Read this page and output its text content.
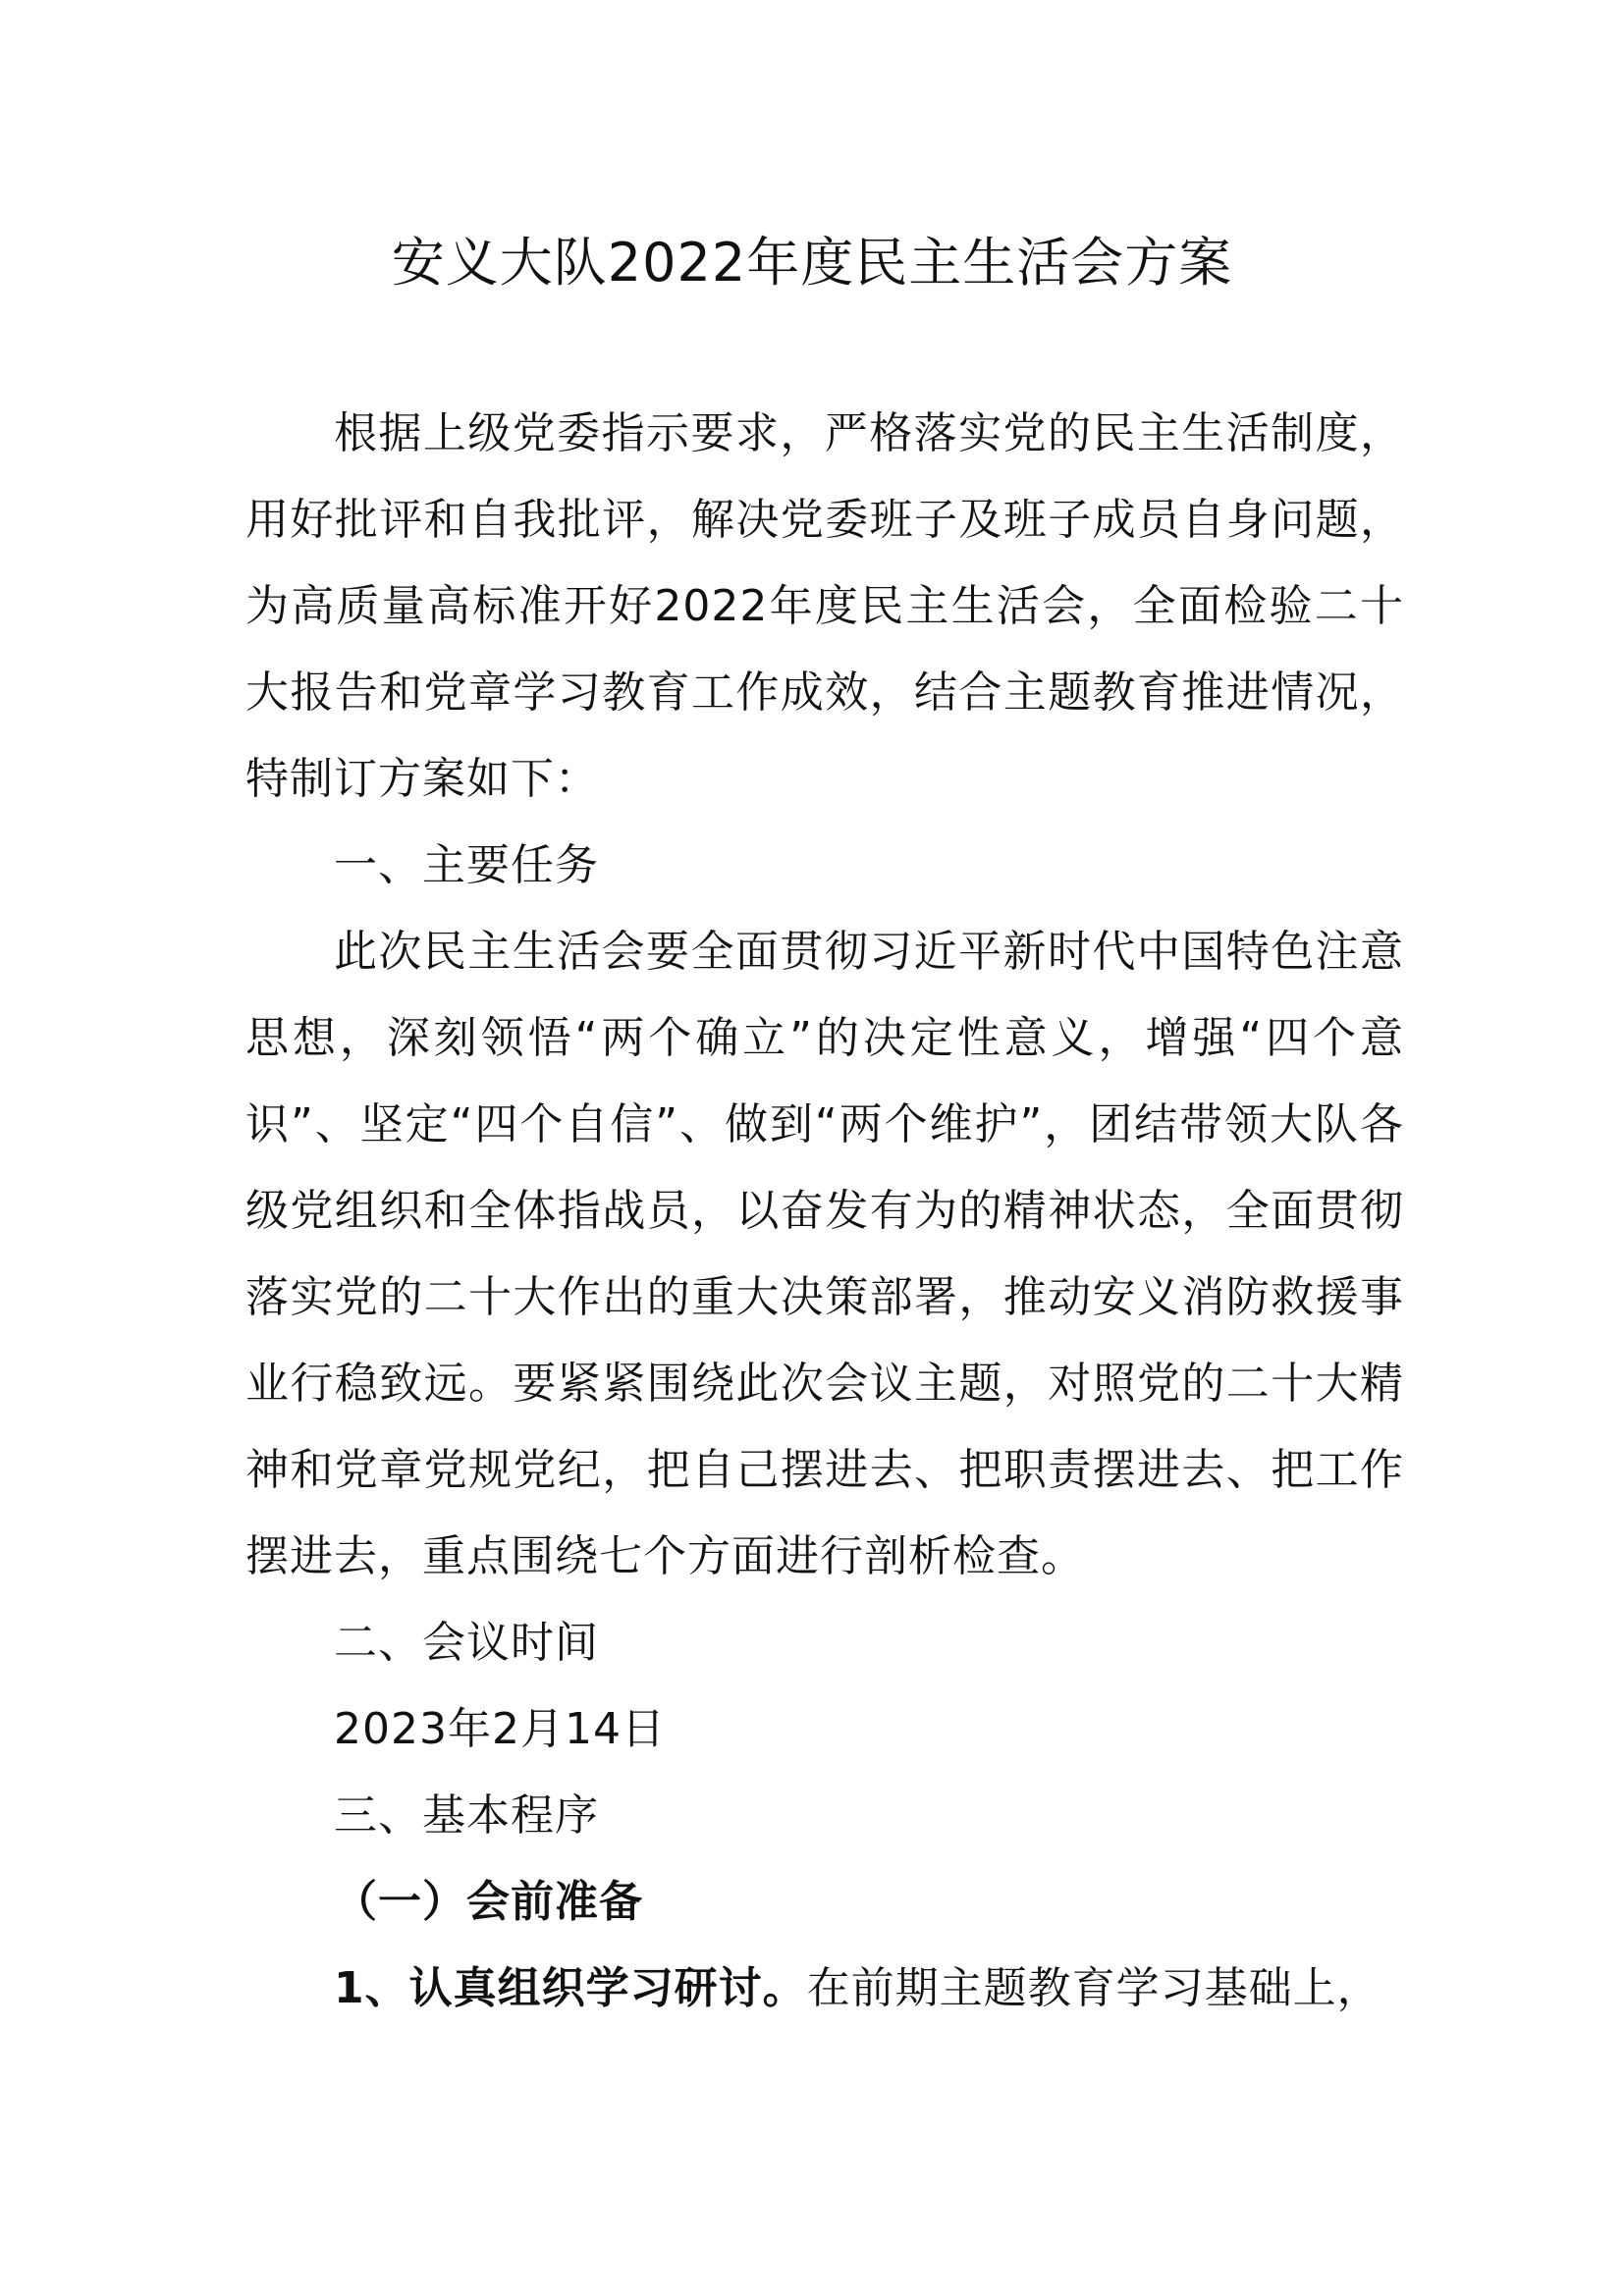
安义大队2022年度民主生活会方案

根据上级党委指示要求，严格落实党的民主生活制度，用好批评和自我批评，解决党委班子及班子成员自身问题，为高质量高标准开好2022年度民主生活会，全面检验二十大报告和党章学习教育工作成效，结合主题教育推进情况，特制订方案如下：

一、主要任务

此次民主生活会要全面贯彻习近平新时代中国特色注意思想，深刻领悟“两个确立”的决定性意义，增强“四个意识”、坚定“四个自信”、做到“两个维护”，团结带领大队各级党组织和全体指战员，以奋发有为的精神状态，全面贯彻落实党的二十大作出的重大决策部署，推动安义消防救援事业行稳致远。要紧紧围绕此次会议主题，对照党的二十大精神和党章党规党纪，把自己摆进去、把职责摆进去、把工作摆进去，重点围绕七个方面进行剖析检查。

二、会议时间

2023年2月14日

三、基本程序

（一）会前准备

1、认真组织学习研讨。在前期主题教育学习基础上，
